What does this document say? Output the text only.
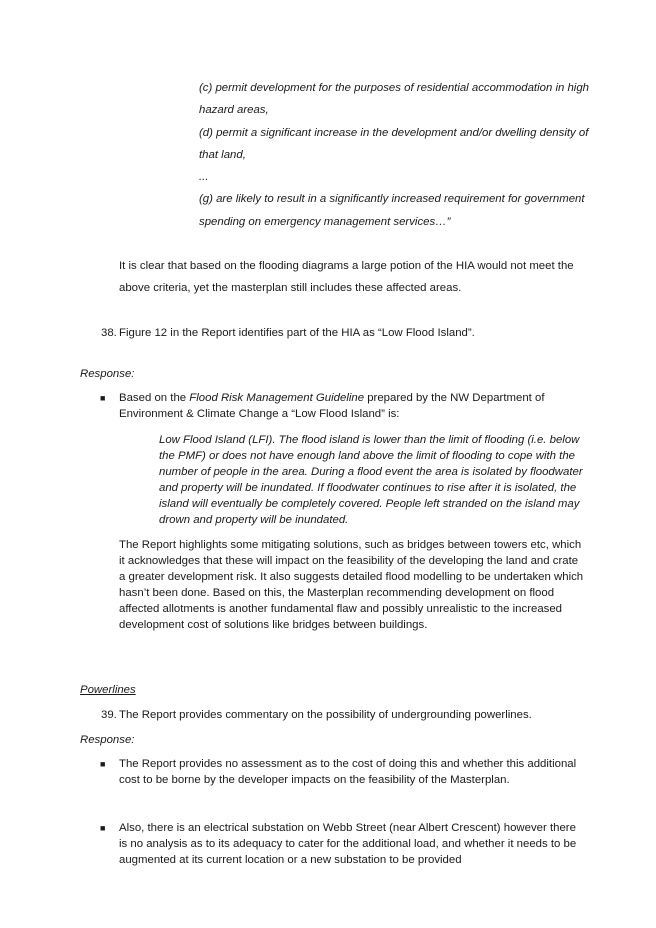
(c) permit development for the purposes of residential accommodation in high hazard areas,

(d) permit a significant increase in the development and/or dwelling density of that land,

...

(g) are likely to result in a significantly increased requirement for government spending on emergency management services…”

It is clear that based on the flooding diagrams a large potion of the HIA would not meet the above criteria, yet the masterplan still includes these affected areas.

38. Figure 12 in the Report identifies part of the HIA as “Low Flood Island”.
Response:
■ Based on the Flood Risk Management Guideline prepared by the NW Department of Environment & Climate Change a “Low Flood Island” is:

Low Flood Island (LFI). The flood island is lower than the limit of flooding (i.e. below the PMF) or does not have enough land above the limit of flooding to cope with the number of people in the area. During a flood event the area is isolated by floodwater and property will be inundated. If floodwater continues to rise after it is isolated, the island will eventually be completely covered. People left stranded on the island may drown and property will be inundated.

The Report highlights some mitigating solutions, such as bridges between towers etc, which it acknowledges that these will impact on the feasibility of the developing the land and crate a greater development risk. It also suggests detailed flood modelling to be undertaken which hasn’t been done. Based on this, the Masterplan recommending development on flood affected allotments is another fundamental flaw and possibly unrealistic to the increased development cost of solutions like bridges between buildings.

Powerlines
39. The Report provides commentary on the possibility of undergrounding powerlines.
Response:
■ The Report provides no assessment as to the cost of doing this and whether this additional cost to be borne by the developer impacts on the feasibility of the Masterplan.
■ Also, there is an electrical substation on Webb Street (near Albert Crescent) however there is no analysis as to its adequacy to cater for the additional load, and whether it needs to be augmented at its current location or a new substation to be provided
